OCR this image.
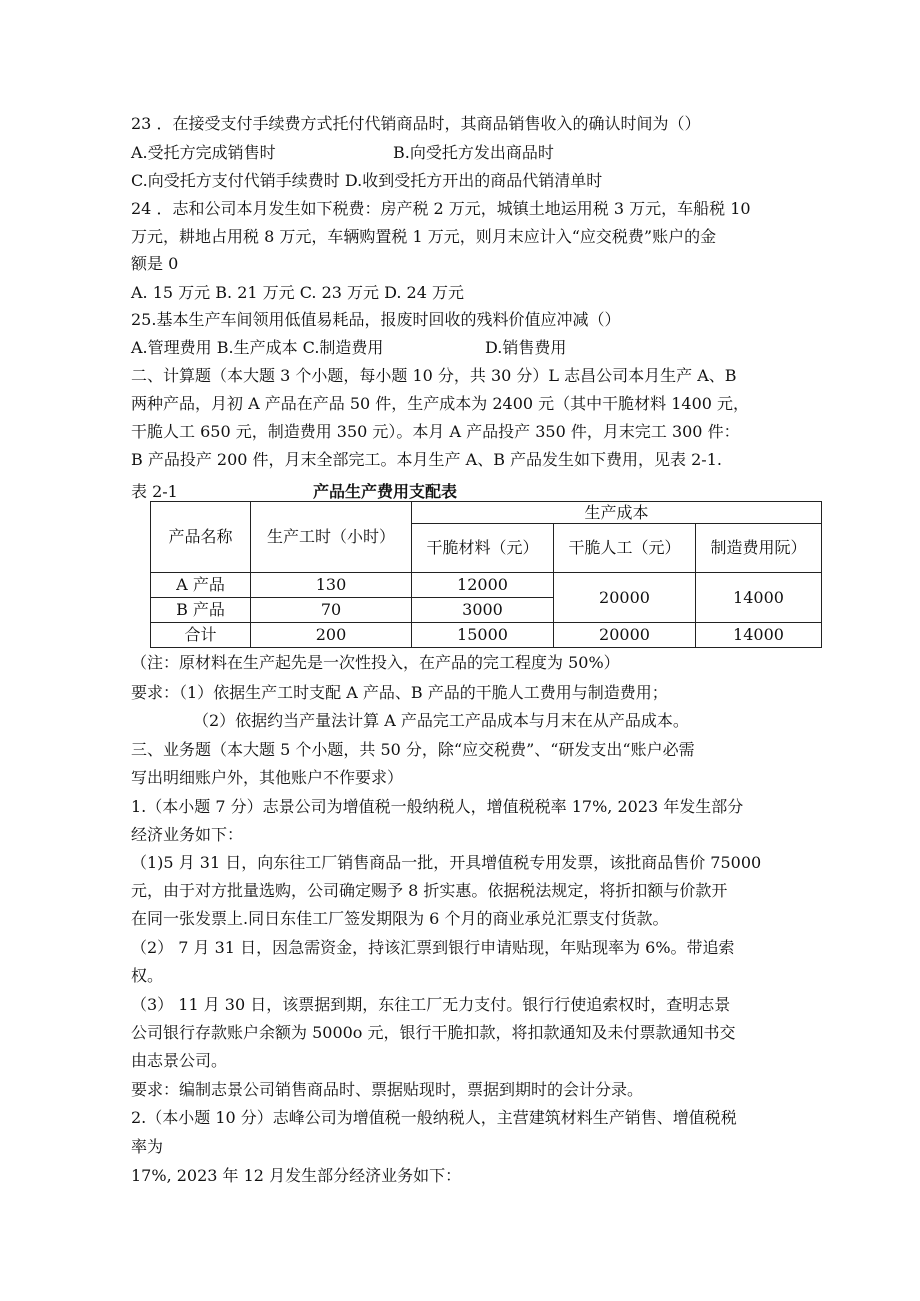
23 ．在接受支付手续费方式托付代销商品时，其商品销售收入的确认时间为（）
A.受托方完成销售时	B.向受托方发出商品时
C.向受托方支付代销手续费时 D.收到受托方开出的商品代销清单时
24 ．志和公司本月发生如下税费：房产税 2 万元，城镇土地运用税 3 万元，车船税 10
万元，耕地占用税 8 万元，车辆购置税 1 万元，则月末应计入“应交税费”账户的金
额是 0
A. 15 万元 B. 21 万元 C. 23 万元 D. 24 万元
25.基本生产车间领用低值易耗品，报废时回收的残料价值应冲减（）
A.管理费用 B.生产成本 C.制造费用	D.销售费用
二、计算题（本大题 3 个小题，每小题 10 分，共 30 分）L 志昌公司本月生产 A、B
两种产品，月初 A 产品在产品 50 件，生产成本为 2400 元（其中干脆材料 1400 元，
干脆人工 650 元，制造费用 350 元）。本月 A 产品投产 350 件，月末完工 300 件：
B 产品投产 200 件，月末全部完工。本月生产 A、B 产品发生如下费用，见表 2-1.
表 2-1	产品生产费用支配表
产品名称	生产工时（小时）	生产成本		
		干脆材料（元）	干脆人工（元）	制造费用阮）
A 产品	130	12000	20000	14000
B 产品	70	3000		
合计	200	15000	20000	14000
（注：原材料在生产起先是一次性投入，在产品的完工程度为 50%）
要求：（1）依据生产工时支配 A 产品、B 产品的干脆人工费用与制造费用；
（2）依据约当产量法计算 A 产品完工产品成本与月末在从产品成本。
三、业务题（本大题 5 个小题，共 50 分，除“应交税费”、“研发支出“账户必需
写出明细账户外，其他账户不作要求）
1.（本小题 7 分）志景公司为增值税一般纳税人，增值税税率 17%, 2023 年发生部分
经济业务如下：
（1)5 月 31 日，向东往工厂销售商品一批，开具增值税专用发票，该批商品售价 75000
元，由于对方批量选购，公司确定赐予 8 折实惠。依据税法规定，将折扣额与价款开
在同一张发票上.同日东佳工厂签发期限为 6 个月的商业承兑汇票支付货款。
（2） 7 月 31 日，因急需资金，持该汇票到银行申请贴现，年贴现率为 6%。带追索
权。
（3） 11 月 30 日，该票据到期，东往工厂无力支付。银行行使追索权时，查明志景
公司银行存款账户余额为 5000o 元，银行干脆扣款，将扣款通知及未付票款通知书交
由志景公司。
要求：编制志景公司销售商品时、票据贴现时，票据到期时的会计分录。
2.（本小题 10 分）志峰公司为增值税一般纳税人，主营建筑材料生产销售、增值税税
率为
17%, 2023 年 12 月发生部分经济业务如下：
